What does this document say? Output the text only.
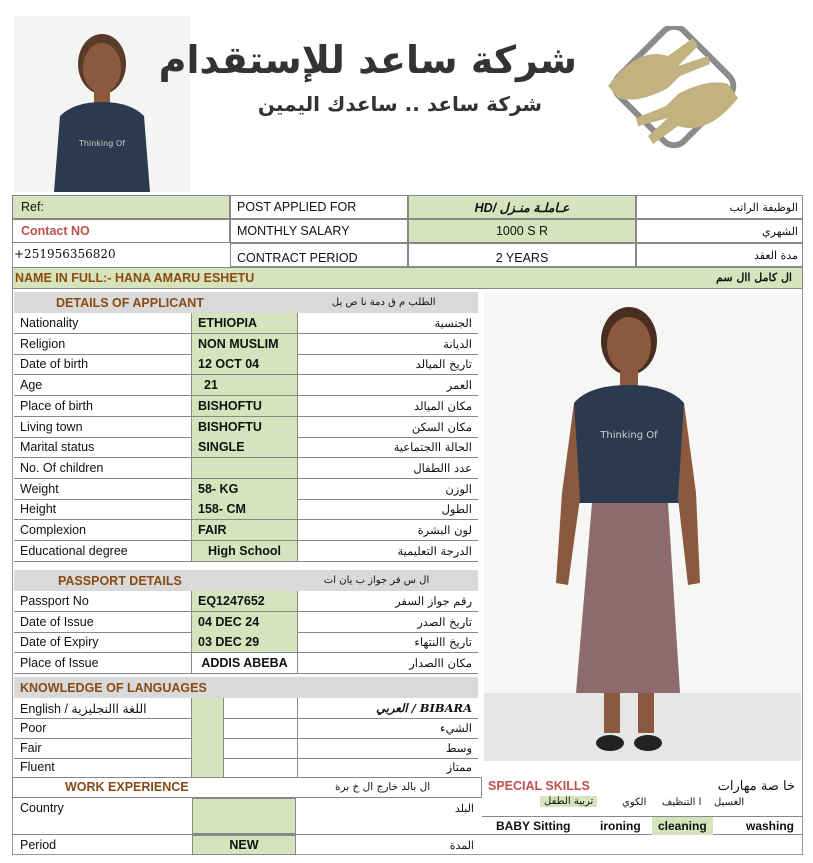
Thinking Of
شركة ساعد للإستقدام
شركة ساعد .. ساعدك اليمين
Ref:
Contact NO
+251956356820
POST APPLIED FOR	HD/ عـاملـة منـزل	الوظيفة الراتب
MONTHLY SALARY	1000 S R	الشهري
CONTRACT PERIOD	2 YEARS	مدة العقد
NAME IN FULL:- HANA AMARU ESHETU	ال كامل اال سم
DETAILS OF APPLICANT	الطلب م ق دمة نا ص يل
Nationality	ETHIOPIA	الجنسية
Religion	NON MUSLIM	الديانة
Date of birth	12 OCT 04	تاريخ الميالد
Age	21	العمر
Place of birth	BISHOFTU	مكان الميالد
Living town	BISHOFTU	مكان السكن
Marital status	SINGLE	الحالة االجتماعية
No. Of children	عدد االطفال
Weight	58- KG	الوزن
Height	158- CM	الطول
Complexion	FAIR	لون البشرة
Educational degree	High School	الدرجة التعليمية
Thinking Of
PASSPORT DETAILS	ال س فر جواز ب يان ات
Passport No	EQ1247652	رقم جواز السفر
Date of Issue	04 DEC 24	تاريخ الصدر
Date of Expiry	03 DEC 29	تاريخ االنتهاء
Place of Issue	ADDIS ABEBA	مكان االصدار
KNOWLEDGE OF LANGUAGES
English / اللغة االنجليزية	العربي / BIBARA
Poor	الشيء
Fair	وسط
Fluent	ممتاز
WORK EXPERIENCE	ال بالد خارج ال خ برة
Country	البلد
Period	NEW	المدة
SPECIAL SKILLS	خا صة مهارات
الغسيل
ا التنظيف
الكوي
تربية الطفل
BABY Sitting ironing	cleaning	washing
